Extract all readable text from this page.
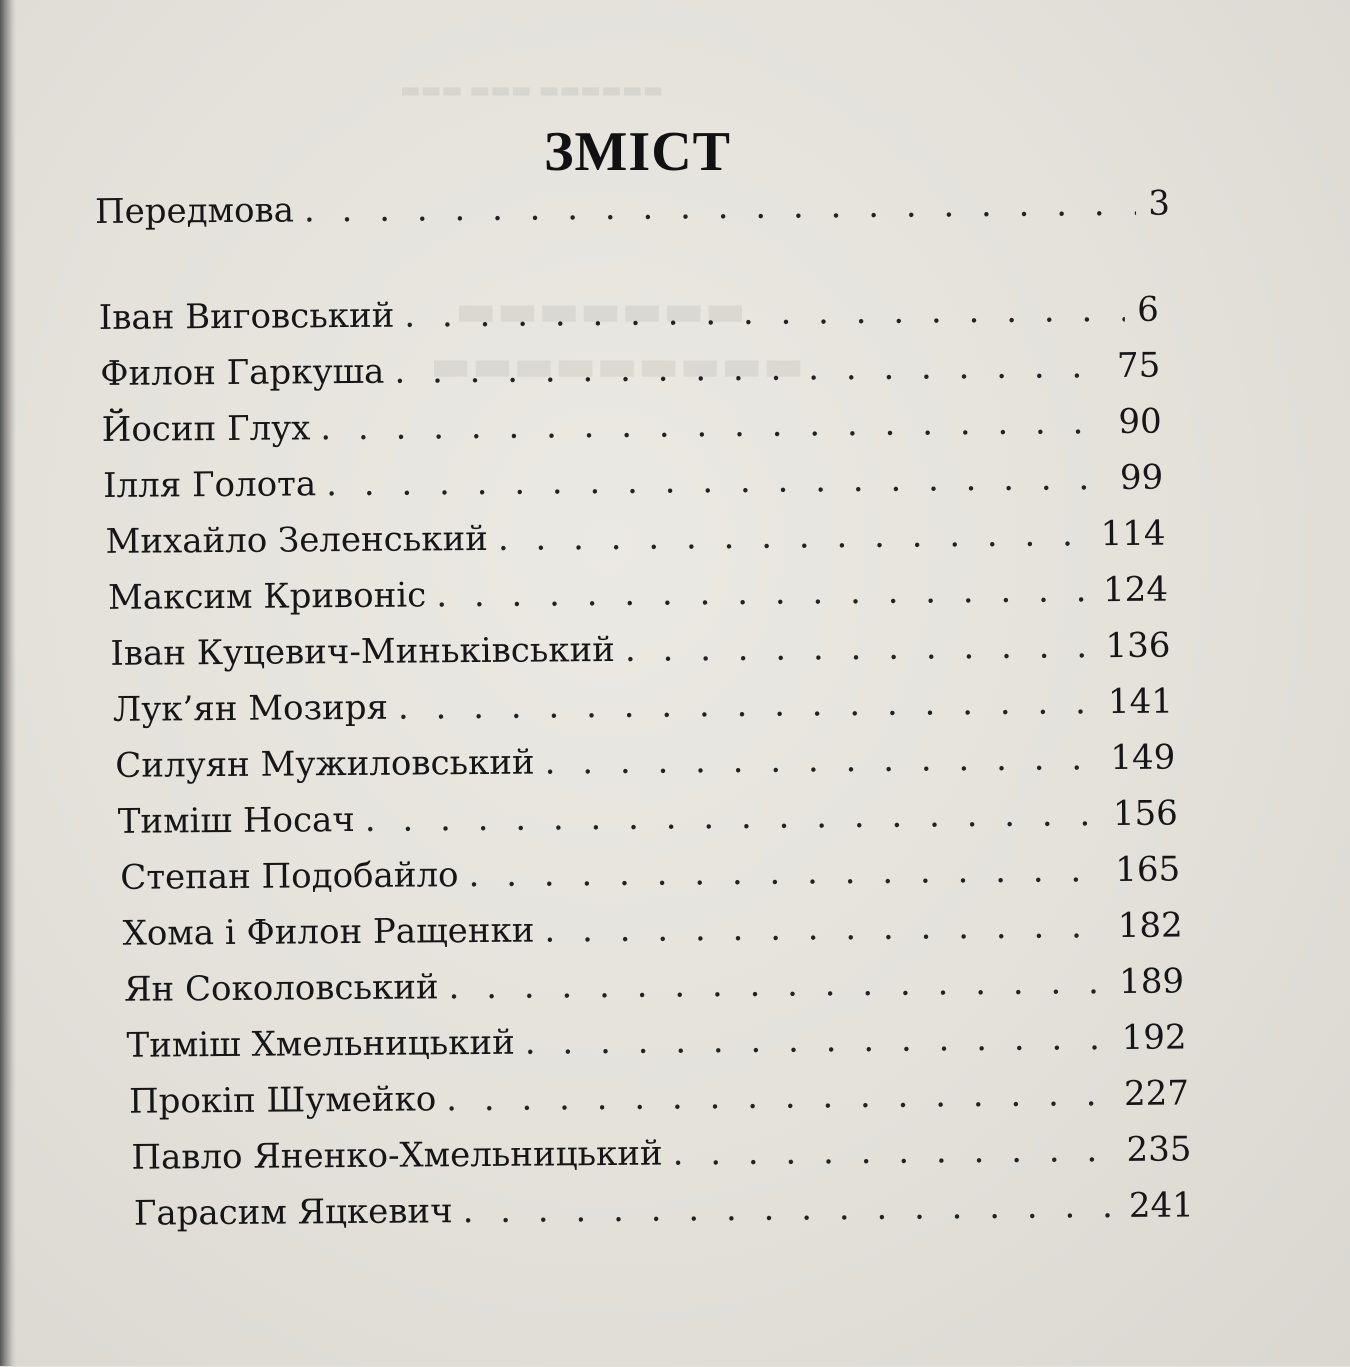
▬▬▬ ▬▬▬ ▬▬▬▬▬▬
▬▬▬▬▬▬▬
▬▬▬▬▬▬▬▬▬
ЗМІСТ
Передмова . . .	3
Іван Виговський . . .	6
Филон Гаркуша . . .	75
Йосип Глух . . .	90
Ілля Голота . . .	99
Михайло Зеленський . . .	114
Максим Кривоніс . . .	124
Іван Куцевич-Миньківський . . .	136
Лук’ян Мозиря . . .	141
Силуян Мужиловський . . .	149
Тиміш Носач . . .	156
Степан Подобайло . . .	165
Хома і Филон Ращенки . . .	182
Ян Соколовський . . .	189
Тиміш Хмельницький . . .	192
Прокіп Шумейко . . .	227
Павло Яненко-Хмельницький . . .	235
Гарасим Яцкевич . . .	241
